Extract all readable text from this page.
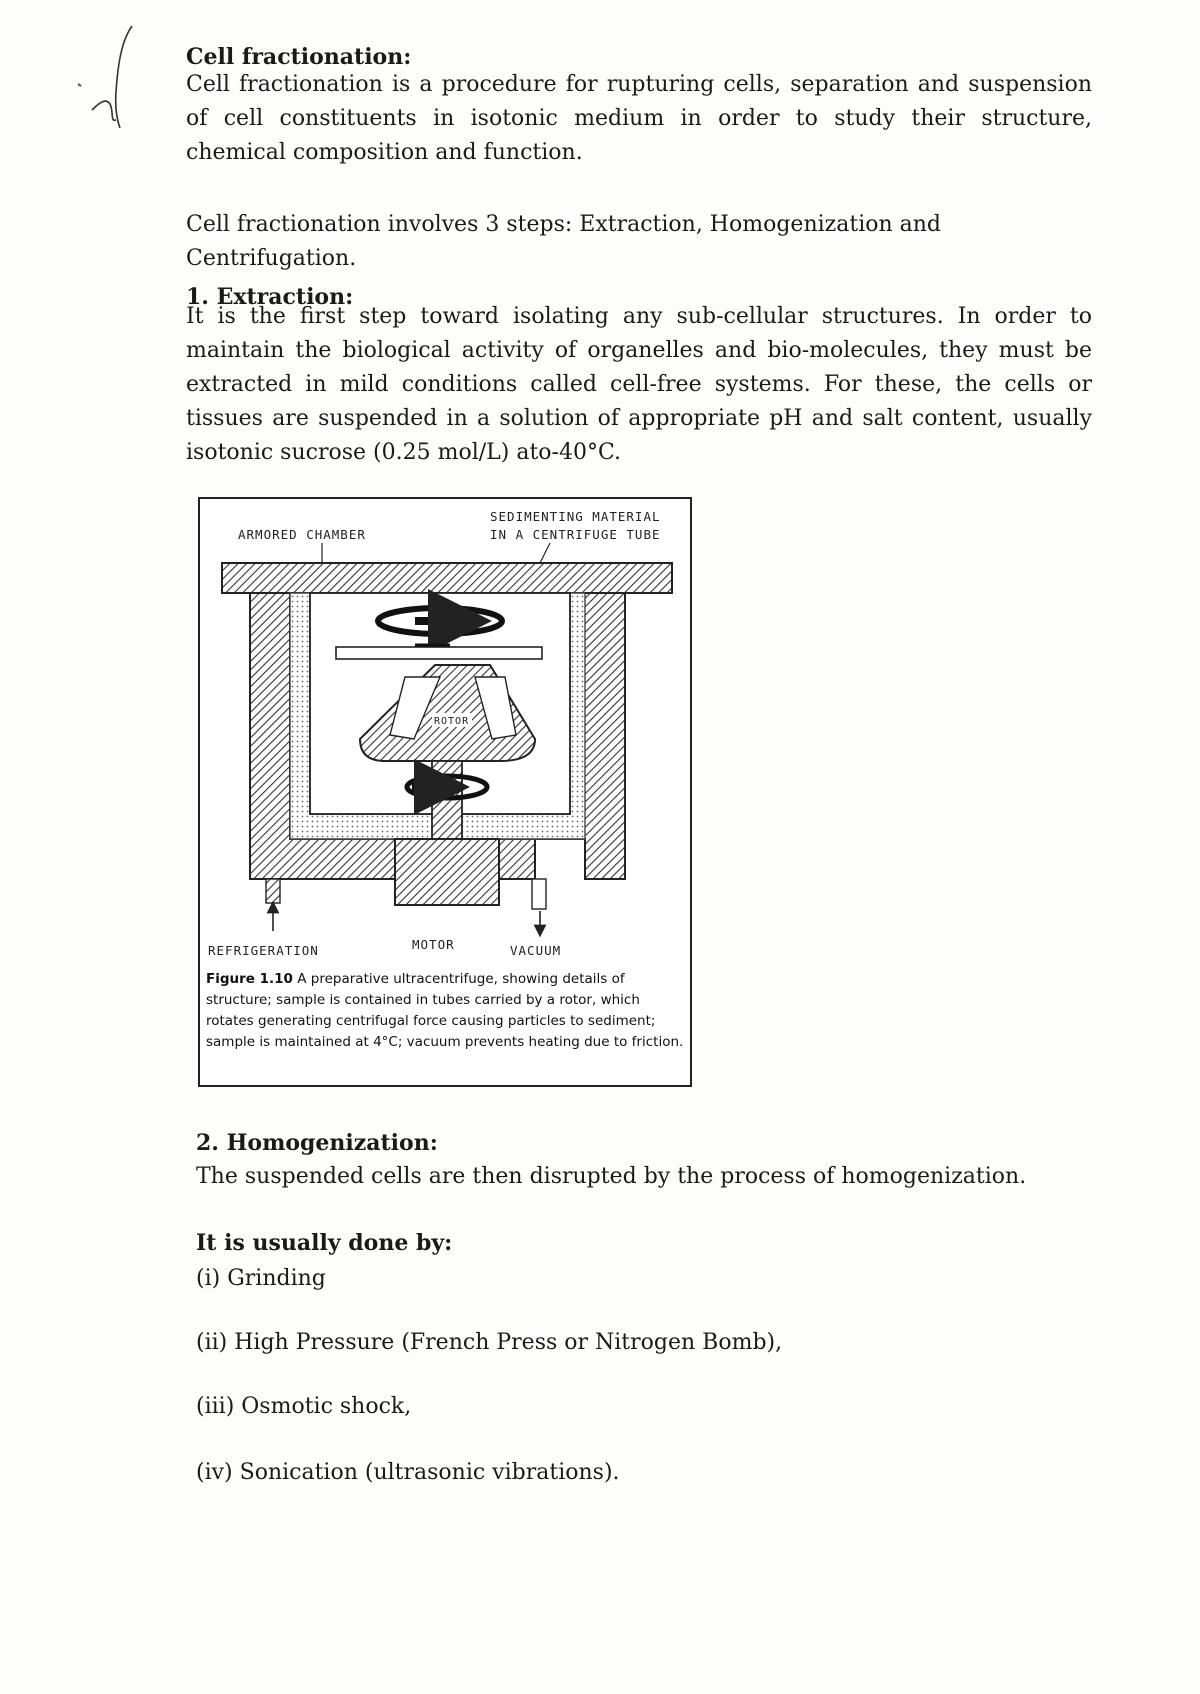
Cell fractionation:
Cell fractionation is a procedure for rupturing cells, separation and suspension of cell constituents in isotonic medium in order to study their structure, chemical composition and function.
Cell fractionation involves 3 steps: Extraction, Homogenization and Centrifugation.
1. Extraction:
It is the first step toward isolating any sub-cellular structures. In order to maintain the biological activity of organelles and bio-molecules, they must be extracted in mild conditions called cell-free systems. For these, the cells or tissues are suspended in a solution of appropriate pH and salt content, usually isotonic sucrose (0.25 mol/L) ato-40°C.
SEDIMENTING MATERIAL
IN A CENTRIFUGE TUBE
ARMORED CHAMBER
ROTOR
REFRIGERATION	MOTOR	VACUUM
Figure 1.10 A preparative ultracentrifuge, showing details of structure; sample is contained in tubes carried by a rotor, which rotates generating centrifugal force causing particles to sediment; sample is maintained at 4°C; vacuum prevents heating due to friction.
2. Homogenization:
The suspended cells are then disrupted by the process of homogenization.
It is usually done by:
(i) Grinding
(ii) High Pressure (French Press or Nitrogen Bomb),
(iii) Osmotic shock,
(iv) Sonication (ultrasonic vibrations).
